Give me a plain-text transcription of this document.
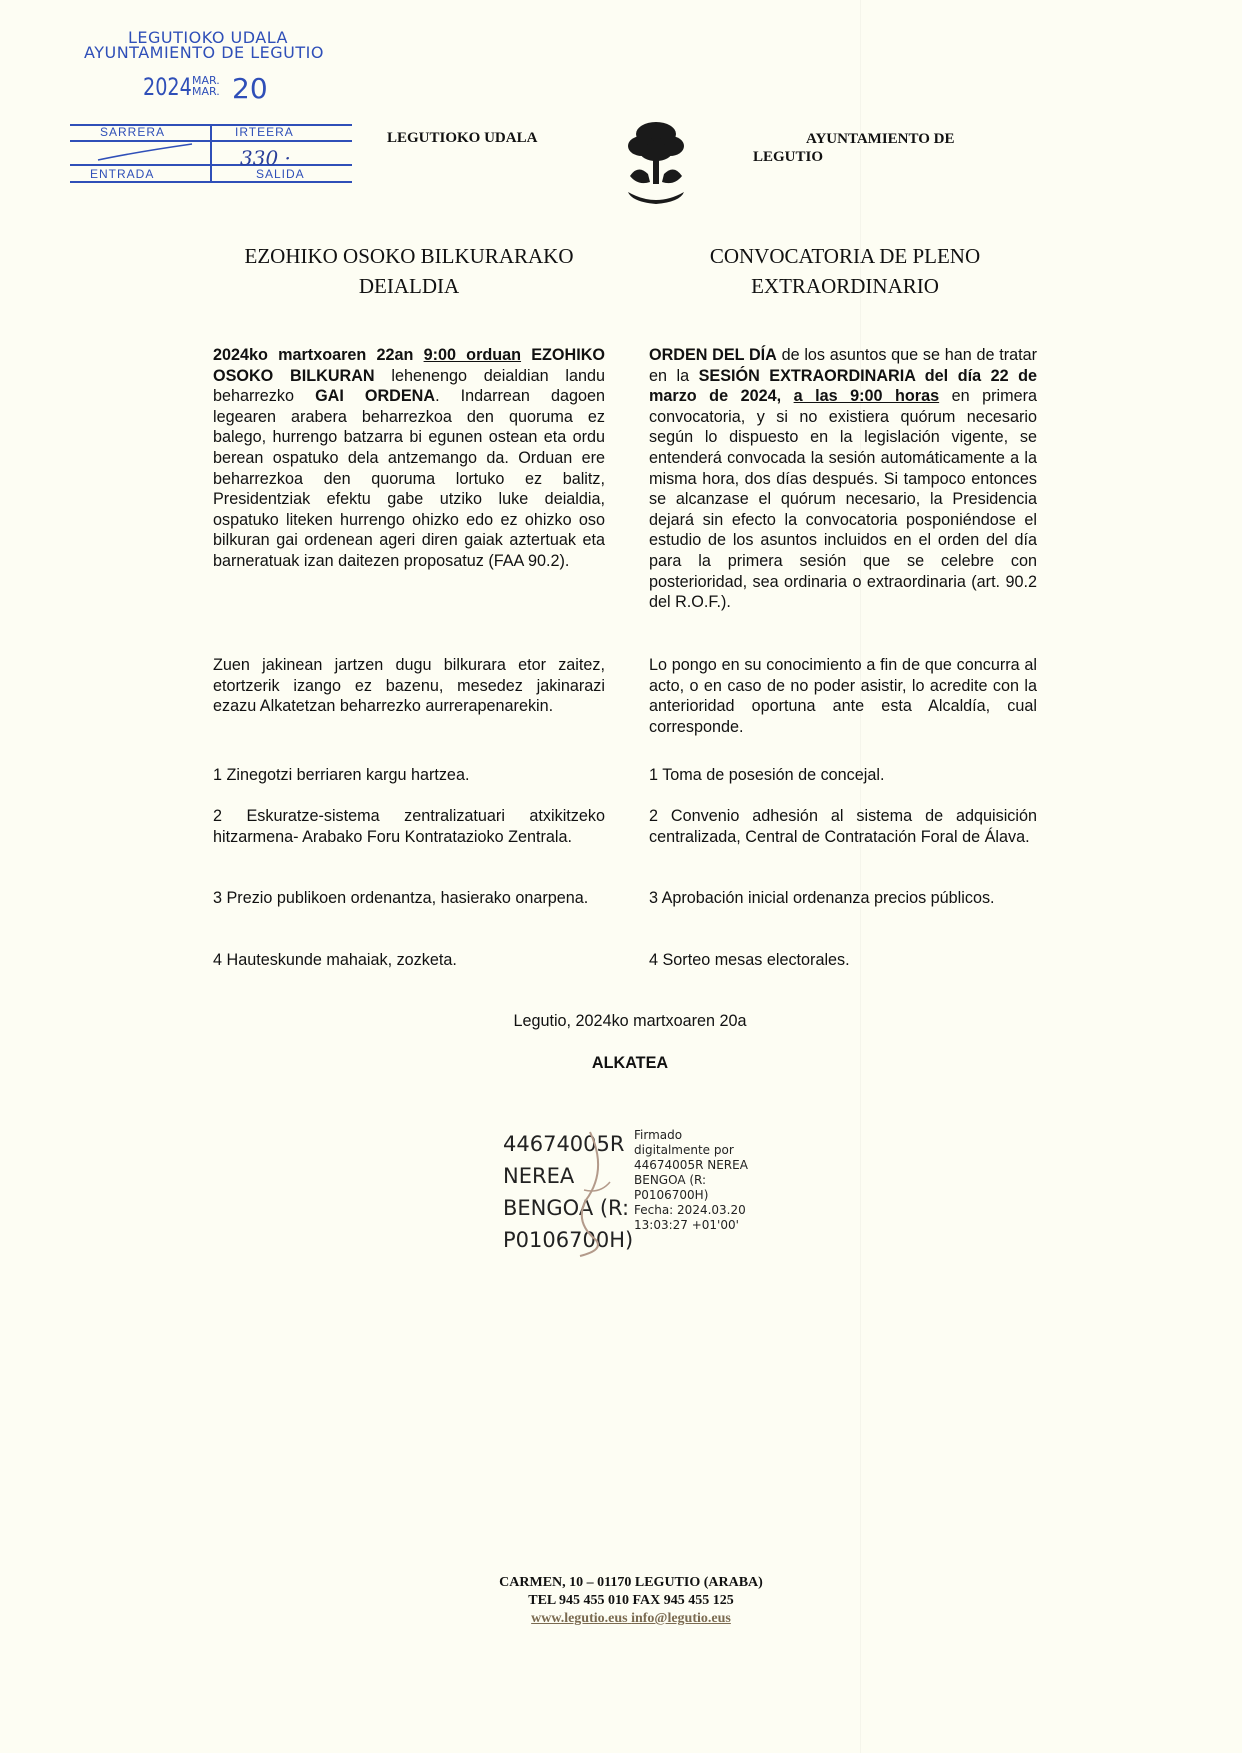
LEGUTIOKO UDALA
AYUNTAMIENTO DE LEGUTIO
2024 MAR.
MAR. 20
SARRERA	IRTEERA
ENTRADA	SALIDA
330 ·
LEGUTIOKO UDALA	AYUNTAMIENTO DE
LEGUTIO
EZOHIKO OSOKO BILKURARAKO
DEIALDIA
CONVOCATORIA DE PLENO
EXTRAORDINARIO
2024ko martxoaren 22an 9:00 orduan EZOHIKO OSOKO BILKURAN lehenengo deialdian landu beharrezko GAI ORDENA. Indarrean dagoen legearen arabera beharrezkoa den quoruma ez balego, hurrengo batzarra bi egunen ostean eta ordu berean ospatuko dela antzemango da. Orduan ere beharrezkoa den quoruma lortuko ez balitz, Presidentziak efektu gabe utziko luke deialdia, ospatuko liteken hurrengo ohizko edo ez ohizko oso bilkuran gai ordenean ageri diren gaiak aztertuak eta barneratuak izan daitezen proposatuz (FAA 90.2).
Zuen jakinean jartzen dugu bilkurara etor zaitez, etortzerik izango ez bazenu, mesedez jakinarazi ezazu Alkatetzan beharrezko aurrerapenarekin.
1 Zinegotzi berriaren kargu hartzea.
2 Eskuratze-sistema zentralizatuari atxikitzeko hitzarmena- Arabako Foru Kontratazioko Zentrala.
3 Prezio publikoen ordenantza, hasierako onarpena.
4 Hauteskunde mahaiak, zozketa.
ORDEN DEL DÍA de los asuntos que se han de tratar en la SESIÓN EXTRAORDINARIA del día 22 de marzo de 2024, a las 9:00 horas en primera convocatoria, y si no existiera quórum necesario según lo dispuesto en la legislación vigente, se entenderá convocada la sesión automáticamente a la misma hora, dos días después. Si tampoco entonces se alcanzase el quórum necesario, la Presidencia dejará sin efecto la convocatoria posponiéndose el estudio de los asuntos incluidos en el orden del día para la primera sesión que se celebre con posterioridad, sea ordinaria o extraordinaria (art. 90.2 del R.O.F.).
Lo pongo en su conocimiento a fin de que concurra al acto, o en caso de no poder asistir, lo acredite con la anterioridad oportuna ante esta Alcaldía, cual corresponde.
1 Toma de posesión de concejal.
2 Convenio adhesión al sistema de adquisición centralizada, Central de Contratación Foral de Álava.
3 Aprobación inicial ordenanza precios públicos.
4 Sorteo mesas electorales.
Legutio, 2024ko martxoaren 20a
ALKATEA
44674005R
NEREA
BENGOA (R:
P0106700H)
Firmado
digitalmente por
44674005R NEREA
BENGOA (R:
P0106700H)
Fecha: 2024.03.20
13:03:27 +01'00'
CARMEN, 10 – 01170 LEGUTIO (ARABA)
TEL 945 455 010 FAX 945 455 125
www.legutio.eus info@legutio.eus
